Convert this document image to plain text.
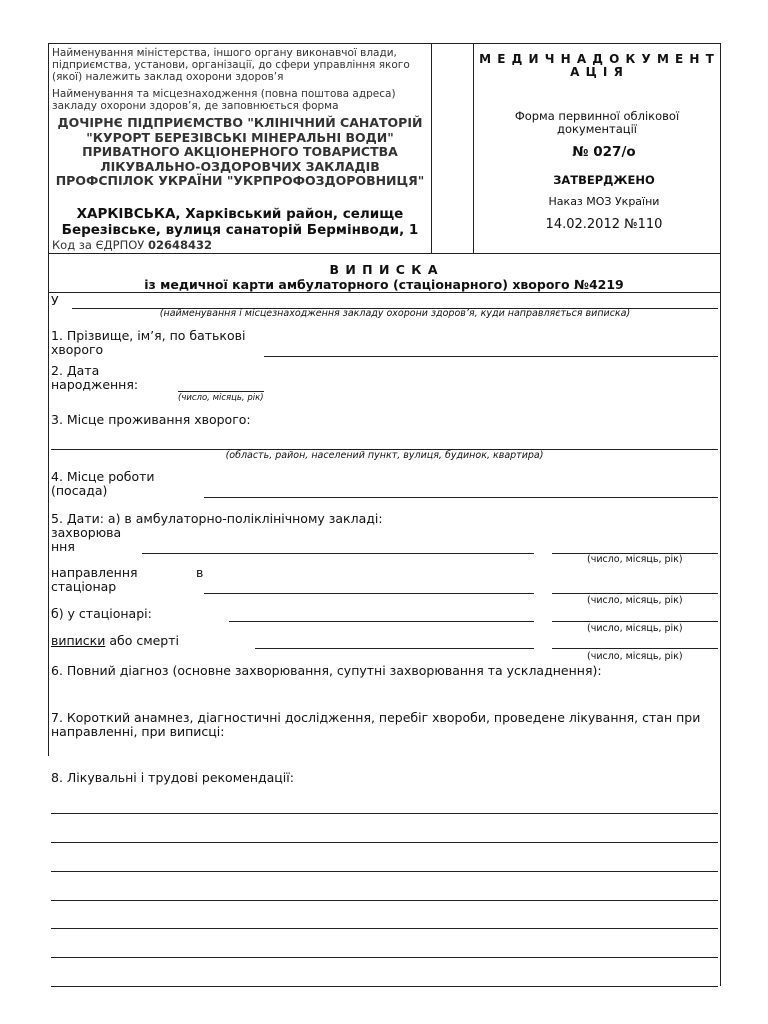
Найменування міністерства, іншого органу виконавчої влади, підприємства, установи, організації, до сфери управління якого (якої) належить заклад охорони здоров’я
Найменування та місцезнаходження (повна поштова адреса) закладу охорони здоров’я, де заповнюється форма
ДОЧІРНЄ ПІДПРИЄМСТВО "КЛІНІЧНИЙ САНАТОРІЙ "КУРОРТ БЕРЕЗІВСЬКІ МІНЕРАЛЬНІ ВОДИ" ПРИВАТНОГО АКЦІОНЕРНОГО ТОВАРИСТВА ЛІКУВАЛЬНО-ОЗДОРОВЧИХ ЗАКЛАДІВ ПРОФСПІЛОК УКРАЇНИ "УКРПРОФОЗДОРОВНИЦЯ"
ХАРКІВСЬКА, Харківський район, селище Березівське, вулиця санаторій Бермінводи, 1
Код за ЄДРПОУ 02648432
М Е Д И Ч Н А Д О К У М Е Н Т А Ц І Я
Форма первинної облікової документації
№ 027/о
ЗАТВЕРДЖЕНО
Наказ МОЗ України
14.02.2012 №110
В И П И С К А
із медичної карти амбулаторного (стаціонарного) хворого №4219
У
(найменування і місцезнаходження закладу охорони здоров’я, куди направляється виписка)
1. Прізвище, ім’я, по батькові хворого
2. Дата народження:
(число, місяць, рік)
3. Місце проживання хворого:
(область, район, населений пункт, вулиця, будинок, квартира)
4. Місце роботи (посада)
5. Дати: а) в амбулаторно-поліклінічному закладі:
захворювання
(число, місяць, рік)
направлення	в
стаціонар
(число, місяць, рік)
б) у стаціонарі:
(число, місяць, рік)
виписки або смерті
(число, місяць, рік)
6. Повний діагноз (основне захворювання, супутні захворювання та ускладнення):
7. Короткий анамнез, діагностичні дослідження, перебіг хвороби, проведене лікування, стан при направленні, при виписці:
8. Лікувальні і трудові рекомендації:
